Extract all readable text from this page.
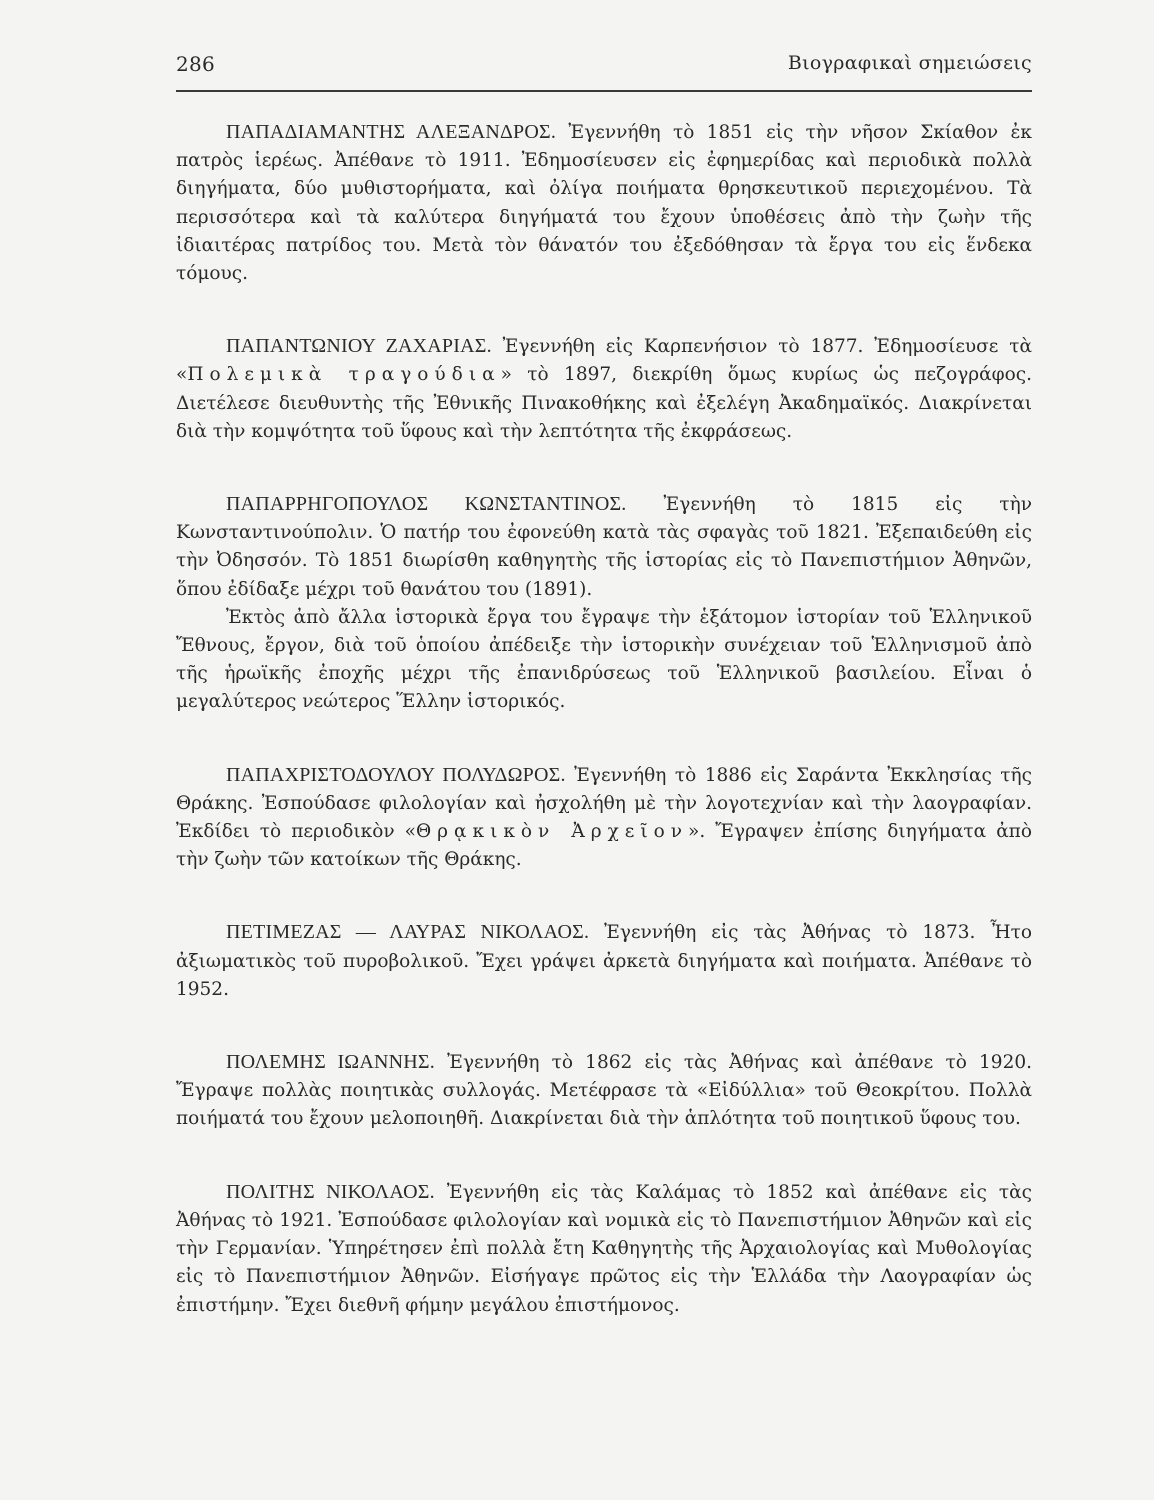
286	Βιογραφικαὶ σημειώσεις

ΠΑΠΑΔΙΑΜΑΝΤΗΣ ΑΛΕΞΑΝΔΡΟΣ. Ἐγεννήθη τὸ 1851 εἰς τὴν νῆσον Σκίαθον ἐκ πατρὸς ἱερέως. Ἀπέθανε τὸ 1911. Ἐδημοσίευσεν εἰς ἐφημερίδας καὶ περιοδικὰ πολλὰ διηγήματα, δύο μυθιστορήματα, καὶ ὀλίγα ποιήματα θρησκευτικοῦ περιεχομένου. Τὰ περισσότερα καὶ τὰ καλύτερα διηγήματά του ἔχουν ὑποθέσεις ἀπὸ τὴν ζωὴν τῆς ἰδιαιτέρας πατρίδος του. Μετὰ τὸν θάνατόν του ἐξεδόθησαν τὰ ἔργα του εἰς ἕνδεκα τόμους.

ΠΑΠΑΝΤΩΝΙΟΥ ΖΑΧΑΡΙΑΣ. Ἐγεννήθη εἰς Καρπενήσιον τὸ 1877. Ἐδημοσίευσε τὰ «Πολεμικὰ τραγούδια» τὸ 1897, διεκρίθη ὅμως κυρίως ὡς πεζογράφος. Διετέλεσε διευθυντὴς τῆς Ἐθνικῆς Πινακοθήκης καὶ ἐξελέγη Ἀκαδημαϊκός. Διακρίνεται διὰ τὴν κομψότητα τοῦ ὕφους καὶ τὴν λεπτότητα τῆς ἐκφράσεως.

ΠΑΠΑΡΡΗΓΟΠΟΥΛΟΣ ΚΩΝΣΤΑΝΤΙΝΟΣ. Ἐγεννήθη τὸ 1815 εἰς τὴν Κωνσταντινούπολιν. Ὁ πατήρ του ἐφονεύθη κατὰ τὰς σφαγὰς τοῦ 1821. Ἐξεπαιδεύθη εἰς τὴν Ὀδησσόν. Τὸ 1851 διωρίσθη καθηγητὴς τῆς ἱστορίας εἰς τὸ Πανεπιστήμιον Ἀθηνῶν, ὅπου ἐδίδαξε μέχρι τοῦ θανάτου του (1891).

Ἐκτὸς ἀπὸ ἄλλα ἱστορικὰ ἔργα του ἔγραψε τὴν ἑξάτομον ἱστορίαν τοῦ Ἑλληνικοῦ Ἔθνους, ἔργον, διὰ τοῦ ὁποίου ἀπέδειξε τὴν ἱστορικὴν συνέχειαν τοῦ Ἑλληνισμοῦ ἀπὸ τῆς ἡρωϊκῆς ἐποχῆς μέχρι τῆς ἐπανιδρύσεως τοῦ Ἑλληνικοῦ βασιλείου. Εἶναι ὁ μεγαλύτερος νεώτερος Ἕλλην ἱστορικός.

ΠΑΠΑΧΡΙΣΤΟΔΟΥΛΟΥ ΠΟΛΥΔΩΡΟΣ. Ἐγεννήθη τὸ 1886 εἰς Σαράντα Ἐκκλησίας τῆς Θράκης. Ἐσπούδασε φιλολογίαν καὶ ἠσχολήθη μὲ τὴν λογοτεχνίαν καὶ τὴν λαογραφίαν. Ἐκδίδει τὸ περιοδικὸν «Θρᾳκικὸν Ἀρχεῖον». Ἔγραψεν ἐπίσης διηγήματα ἀπὸ τὴν ζωὴν τῶν κατοίκων τῆς Θράκης.

ΠΕΤΙΜΕΖΑΣ — ΛΑΥΡΑΣ ΝΙΚΟΛΑΟΣ. Ἐγεννήθη εἰς τὰς Ἀθήνας τὸ 1873. Ἦτο ἀξιωματικὸς τοῦ πυροβολικοῦ. Ἔχει γράψει ἀρκετὰ διηγήματα καὶ ποιήματα. Ἀπέθανε τὸ 1952.

ΠΟΛΕΜΗΣ ΙΩΑΝΝΗΣ. Ἐγεννήθη τὸ 1862 εἰς τὰς Ἀθήνας καὶ ἀπέθανε τὸ 1920. Ἔγραψε πολλὰς ποιητικὰς συλλογάς. Μετέφρασε τὰ «Εἰδύλλια» τοῦ Θεοκρίτου. Πολλὰ ποιήματά του ἔχουν μελοποιηθῆ. Διακρίνεται διὰ τὴν ἁπλότητα τοῦ ποιητικοῦ ὕφους του.

ΠΟΛΙΤΗΣ ΝΙΚΟΛΑΟΣ. Ἐγεννήθη εἰς τὰς Καλάμας τὸ 1852 καὶ ἀπέθανε εἰς τὰς Ἀθήνας τὸ 1921. Ἐσπούδασε φιλολογίαν καὶ νομικὰ εἰς τὸ Πανεπιστήμιον Ἀθηνῶν καὶ εἰς τὴν Γερμανίαν. Ὑπηρέτησεν ἐπὶ πολλὰ ἔτη Καθηγητὴς τῆς Ἀρχαιολογίας καὶ Μυθολογίας εἰς τὸ Πανεπιστήμιον Ἀθηνῶν. Εἰσήγαγε πρῶτος εἰς τὴν Ἑλλάδα τὴν Λαογραφίαν ὡς ἐπιστήμην. Ἔχει διεθνῆ φήμην μεγάλου ἐπιστήμονος.
